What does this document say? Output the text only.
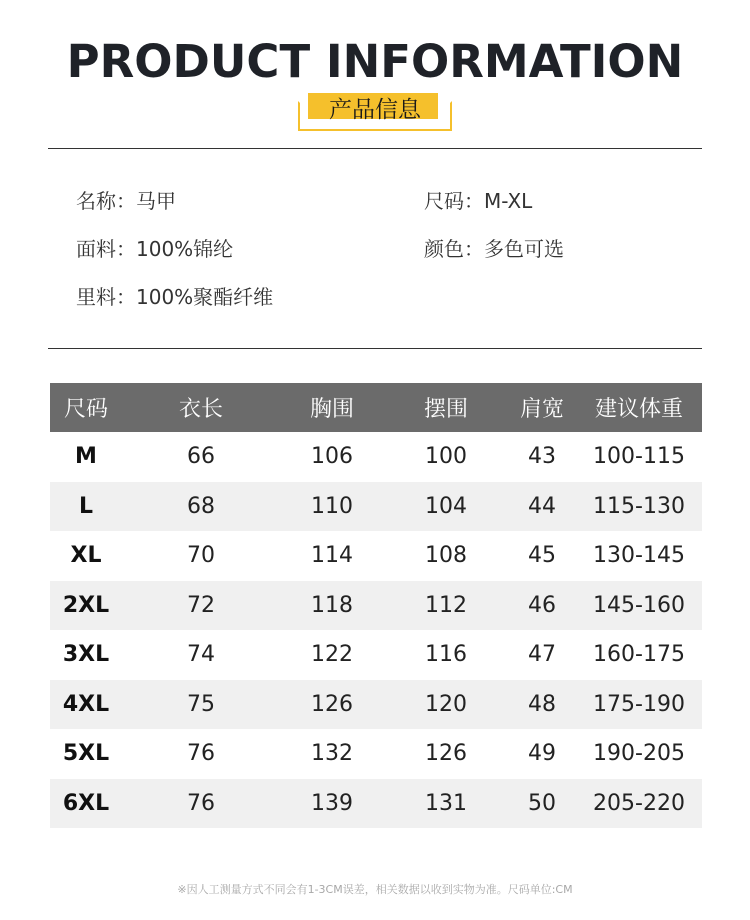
PRODUCT INFORMATION
产品信息
名称：马甲	尺码：M-XL
面料：100%锦纶	颜色：多色可选
里料：100%聚酯纤维
尺码	衣长	胸围	摆围	肩宽	建议体重
M	66	106	100	43	100-115
L	68	110	104	44	115-130
XL	70	114	108	45	130-145
2XL	72	118	112	46	145-160
3XL	74	122	116	47	160-175
4XL	75	126	120	48	175-190
5XL	76	132	126	49	190-205
6XL	76	139	131	50	205-220
※因人工测量方式不同会有1-3CM误差，相关数据以收到实物为准。尺码单位:CM
